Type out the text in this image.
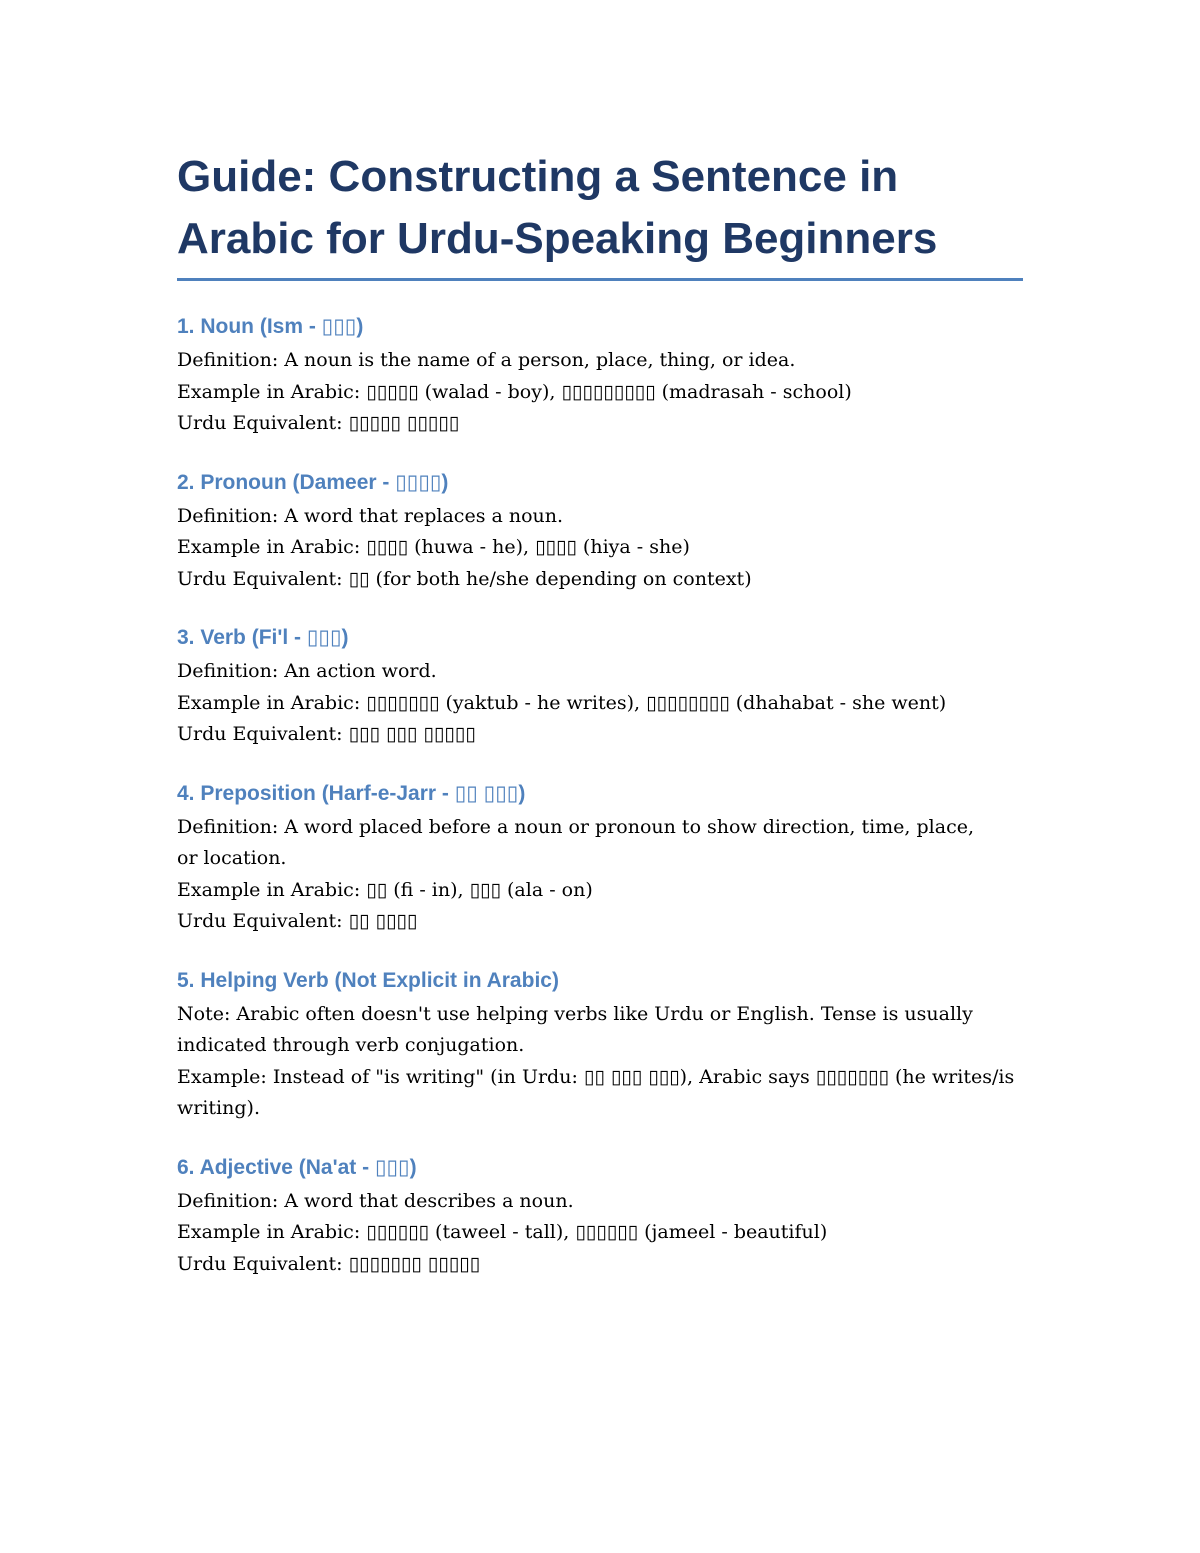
Guide: Constructing a Sentence in Arabic for Urdu-Speaking Beginners
1. Noun (Ism - ▯▯▯)

Definition: A noun is the name of a person, place, thing, or idea.

Example in Arabic: ▯▯▯▯▯ (walad - boy), ▯▯▯▯▯▯▯▯▯ (madrasah - school)

Urdu Equivalent: ▯▯▯▯▯ ▯▯▯▯▯

2. Pronoun (Dameer - ▯▯▯▯)

Definition: A word that replaces a noun.

Example in Arabic: ▯▯▯▯ (huwa - he), ▯▯▯▯ (hiya - she)

Urdu Equivalent: ▯▯ (for both he/she depending on context)

3. Verb (Fi'l - ▯▯▯)

Definition: An action word.

Example in Arabic: ▯▯▯▯▯▯▯ (yaktub - he writes), ▯▯▯▯▯▯▯▯ (dhahabat - she went)

Urdu Equivalent: ▯▯▯ ▯▯▯ ▯▯▯▯▯

4. Preposition (Harf-e-Jarr - ▯▯ ▯▯▯)

Definition: A word placed before a noun or pronoun to show direction, time, place,

or location.

Example in Arabic: ▯▯ (fi - in), ▯▯▯ (ala - on)

Urdu Equivalent: ▯▯ ▯▯▯▯

5. Helping Verb (Not Explicit in Arabic)

Note: Arabic often doesn't use helping verbs like Urdu or English. Tense is usually

indicated through verb conjugation.

Example: Instead of "is writing" (in Urdu: ▯▯ ▯▯▯ ▯▯▯), Arabic says ▯▯▯▯▯▯▯ (he writes/is

writing).

6. Adjective (Na'at - ▯▯▯)

Definition: A word that describes a noun.

Example in Arabic: ▯▯▯▯▯▯ (taweel - tall), ▯▯▯▯▯▯ (jameel - beautiful)

Urdu Equivalent: ▯▯▯▯▯▯▯ ▯▯▯▯▯
